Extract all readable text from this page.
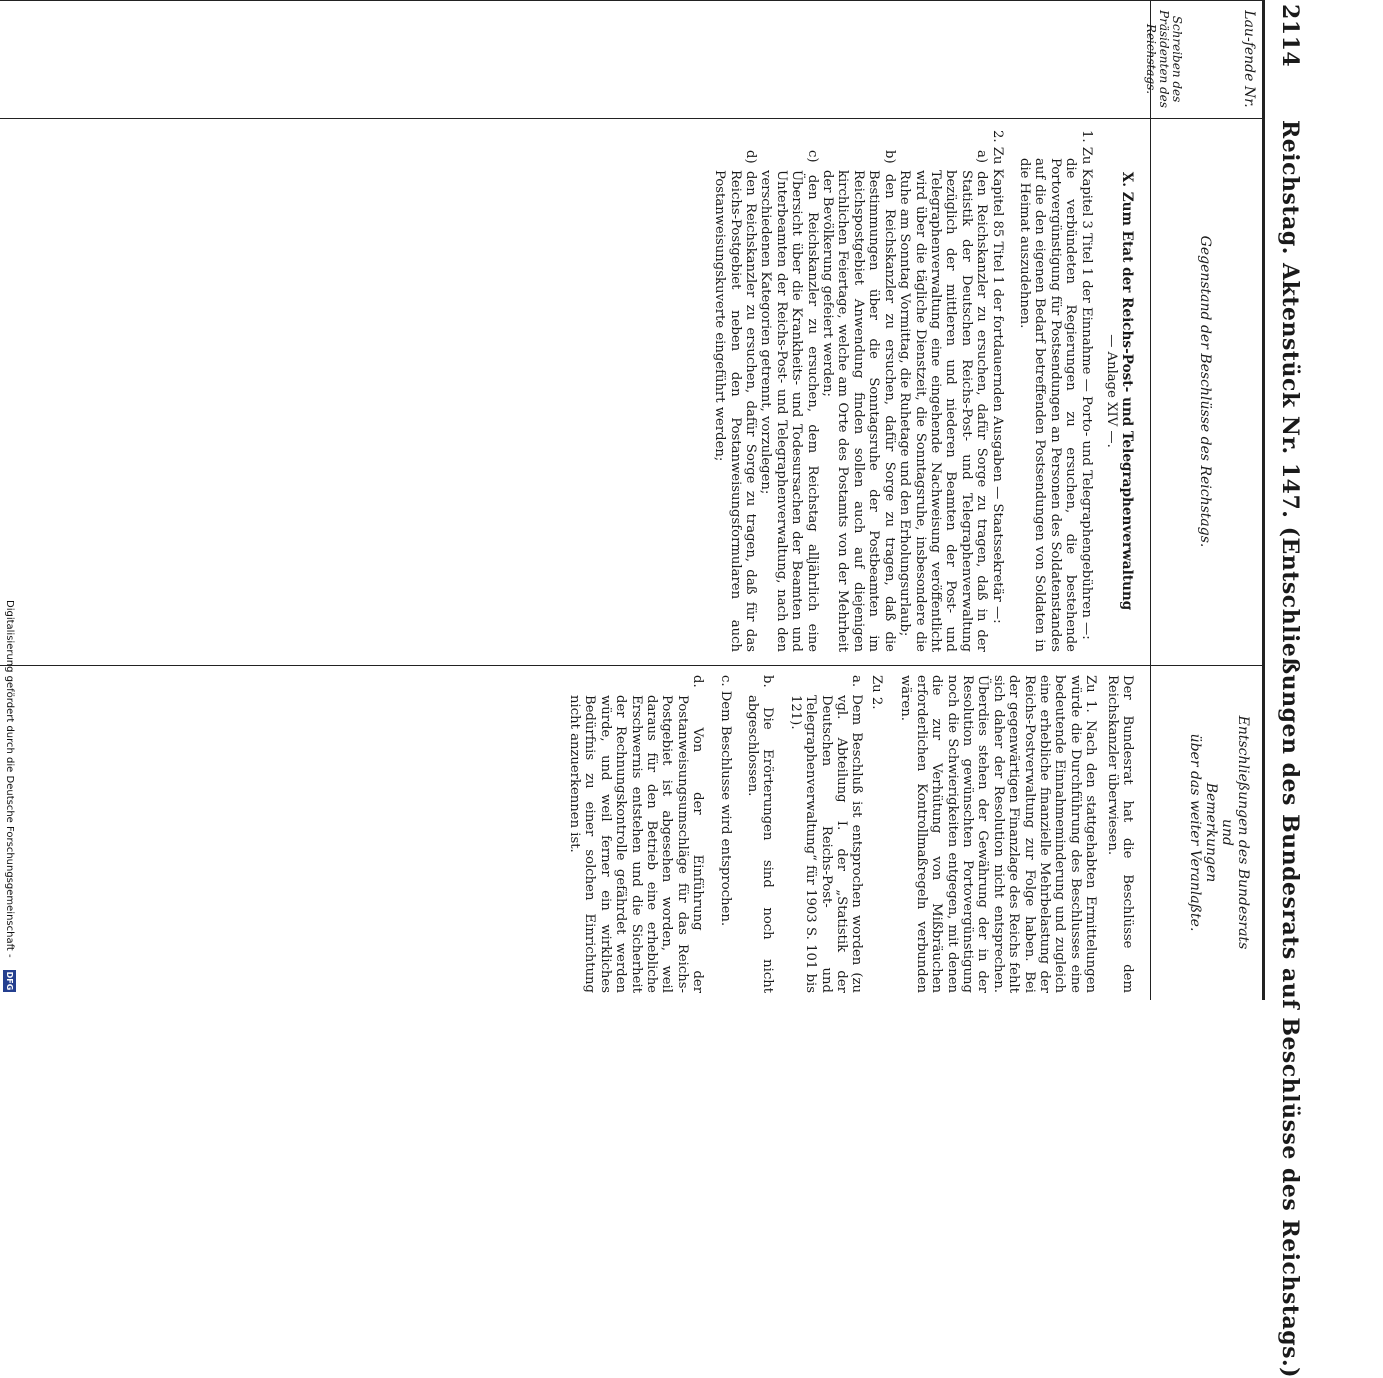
2114
Reichstag. Aktenstück Nr. 147. (Entschließungen des Bundesrats auf Beschlüsse des Reichstags.)
Lau-fende Nr.
Schreiben des Präsidenten des Reichstags.
Gegenstand der Beschlüsse des Reichstags.
Entschließungen des Bundesrats
und
Bemerkungen
über das weiter Veranlaßte.

X. Zum Etat der Reichs-Post- und Telegraphenverwaltung

— Anlage XIV —.

1. Zu Kapitel 3 Titel 1 der Einnahme — Porto- und Telegraphengebühren —:

die verbündeten Regierungen zu ersuchen, die bestehende Portovergünstigung für Postsendungen an Personen des Soldatenstandes auf die den eigenen Bedarf betreffenden Postsendungen von Soldaten in die Heimat auszudehnen.

2. Zu Kapitel 85 Titel 1 der fortdauernden Ausgaben — Staatssekretär —:

a) den Reichskanzler zu ersuchen, dafür Sorge zu tragen, daß in der Statistik der Deutschen Reichs-Post- und Telegraphenverwaltung bezüglich der mittleren und niederen Beamten der Post- und Telegraphenverwaltung eine eingehende Nachweisung veröffentlicht wird über die tägliche Dienstzeit, die Sonntagsruhe, insbesondere die Ruhe am Sonntag Vormittag, die Ruhetage und den Erholungsurlaub;

b) den Reichskanzler zu ersuchen, dafür Sorge zu tragen, daß die Bestimmungen über die Sonntagsruhe der Postbeamten im Reichspostgebiet Anwendung finden sollen auch auf diejenigen kirchlichen Feiertage, welche am Orte des Postamts von der Mehrheit der Bevölkerung gefeiert werden;

c) den Reichskanzler zu ersuchen, dem Reichstag alljährlich eine Übersicht über die Krankheits- und Todesursachen der Beamten und Unterbeamten der Reichs-Post- und Telegraphenverwaltung, nach den verschiedenen Kategorien getrennt, vorzulegen;

d) den Reichskanzler zu ersuchen, dafür Sorge zu tragen, daß für das Reichs-Postgebiet neben den Postanweisungsformularen auch Postanweisungskuverte eingeführt werden;

Der Bundesrat hat die Beschlüsse dem Reichskanzler überwiesen.

Zu 1. Nach den stattgehabten Ermittelungen würde die Durchführung des Beschlusses eine bedeutende Einnahmeminderung und zugleich eine erhebliche finanzielle Mehrbelastung der Reichs-Postverwaltung zur Folge haben. Bei der gegenwärtigen Finanzlage des Reichs fehlt sich daher der Resolution nicht entsprechen. Überdies stehen der Gewährung der in der Resolution gewünschten Portovergünstigung noch die Schwierigkeiten entgegen, mit denen die zur Verhütung von Mißbräuchen erforderlichen Kontrollmaßregeln verbunden wären.

Zu 2.

a. Dem Beschluß ist entsprochen worden (zu vgl. Abteilung I. der „Statistik der Deutschen Reichs-Post- und Telegraphenverwaltung“ für 1903 S. 101 bis 121).

b. Die Erörterungen sind noch nicht abgeschlossen.

c. Dem Beschlusse wird entsprochen.

d. Von der Einführung der Postanweisungsumschläge für das Reichs-Postgebiet ist abgesehen worden, weil daraus für den Betrieb eine erhebliche Erschwernis entstehen und die Sicherheit der Rechnungskontrolle gefährdet werden würde, und weil ferner ein wirkliches Bedürfnis zu einer solchen Einrichtung nicht anzuerkennen ist.

Digitalisierung gefördert durch die Deutsche Forschungsgemeinschaft -
DFG
